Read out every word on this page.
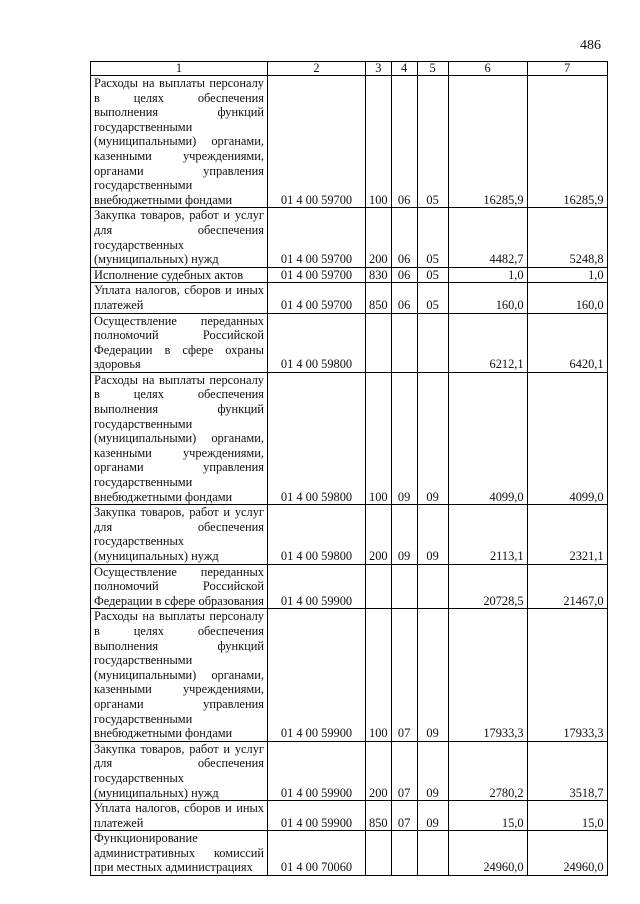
486
1	2	3	4	5	6	7
Расходы на выплаты персоналу в целях обеспечения выполнения функций государственными (муниципальными) органами, казенными учреждениями, органами управления государственными внебюджетными фондами	01 4 00 59700	100	06	05	16285,9	16285,9
Закупка товаров, работ и услуг для обеспечения государственных (муниципальных) нужд	01 4 00 59700	200	06	05	4482,7	5248,8
Исполнение судебных актов	01 4 00 59700	830	06	05	1,0	1,0
Уплата налогов, сборов и иных платежей	01 4 00 59700	850	06	05	160,0	160,0
Осуществление переданных полномочий Российской Федерации в сфере охраны здоровья	01 4 00 59800				6212,1	6420,1
Расходы на выплаты персоналу в целях обеспечения выполнения функций государственными (муниципальными) органами, казенными учреждениями, органами управления государственными внебюджетными фондами	01 4 00 59800	100	09	09	4099,0	4099,0
Закупка товаров, работ и услуг для обеспечения государственных (муниципальных) нужд	01 4 00 59800	200	09	09	2113,1	2321,1
Осуществление переданных полномочий Российской Федерации в сфере образования	01 4 00 59900				20728,5	21467,0
Расходы на выплаты персоналу в целях обеспечения выполнения функций государственными (муниципальными) органами, казенными учреждениями, органами управления государственными внебюджетными фондами	01 4 00 59900	100	07	09	17933,3	17933,3
Закупка товаров, работ и услуг для обеспечения государственных (муниципальных) нужд	01 4 00 59900	200	07	09	2780,2	3518,7
Уплата налогов, сборов и иных платежей	01 4 00 59900	850	07	09	15,0	15,0
Функционирование административных комиссий при местных администрациях	01 4 00 70060				24960,0	24960,0
